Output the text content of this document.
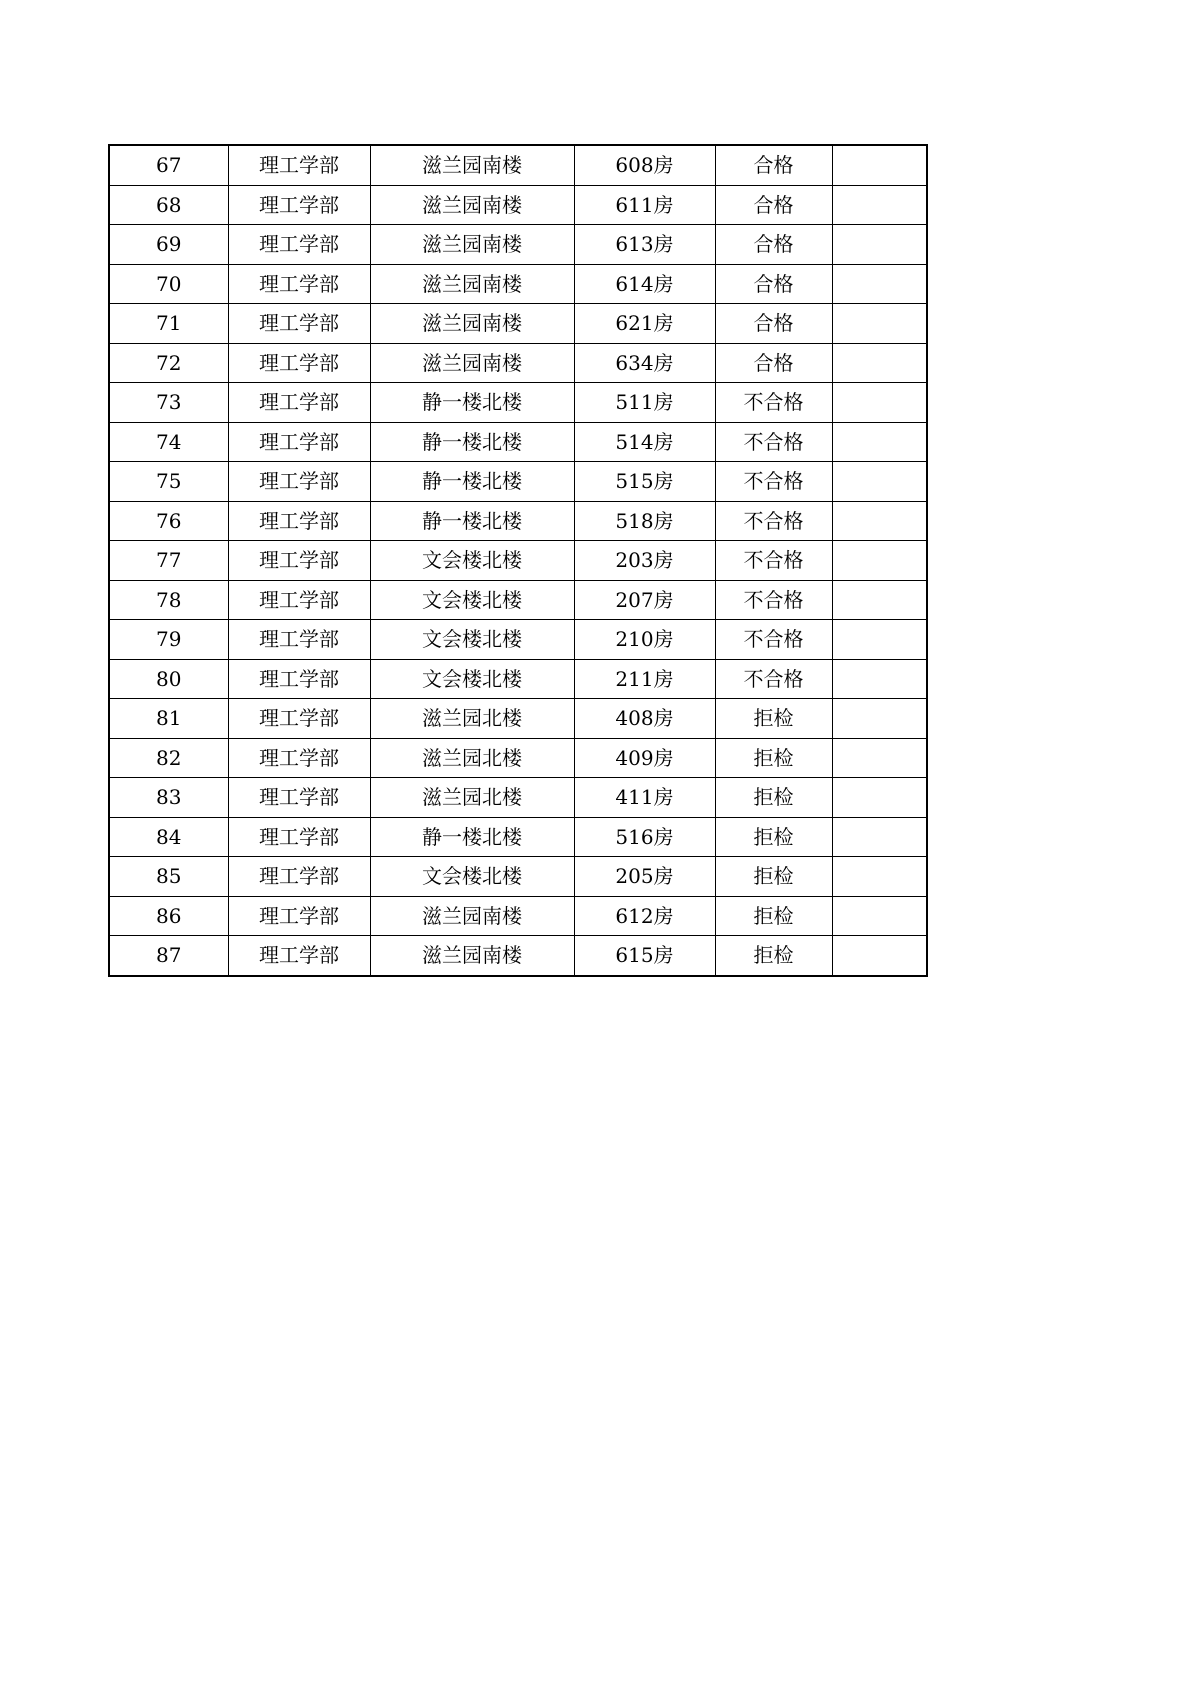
67	理工学部	滋兰园南楼	608房	合格	
68	理工学部	滋兰园南楼	611房	合格	
69	理工学部	滋兰园南楼	613房	合格	
70	理工学部	滋兰园南楼	614房	合格	
71	理工学部	滋兰园南楼	621房	合格	
72	理工学部	滋兰园南楼	634房	合格	
73	理工学部	静一楼北楼	511房	不合格	
74	理工学部	静一楼北楼	514房	不合格	
75	理工学部	静一楼北楼	515房	不合格	
76	理工学部	静一楼北楼	518房	不合格	
77	理工学部	文会楼北楼	203房	不合格	
78	理工学部	文会楼北楼	207房	不合格	
79	理工学部	文会楼北楼	210房	不合格	
80	理工学部	文会楼北楼	211房	不合格	
81	理工学部	滋兰园北楼	408房	拒检	
82	理工学部	滋兰园北楼	409房	拒检	
83	理工学部	滋兰园北楼	411房	拒检	
84	理工学部	静一楼北楼	516房	拒检	
85	理工学部	文会楼北楼	205房	拒检	
86	理工学部	滋兰园南楼	612房	拒检	
87	理工学部	滋兰园南楼	615房	拒检	
